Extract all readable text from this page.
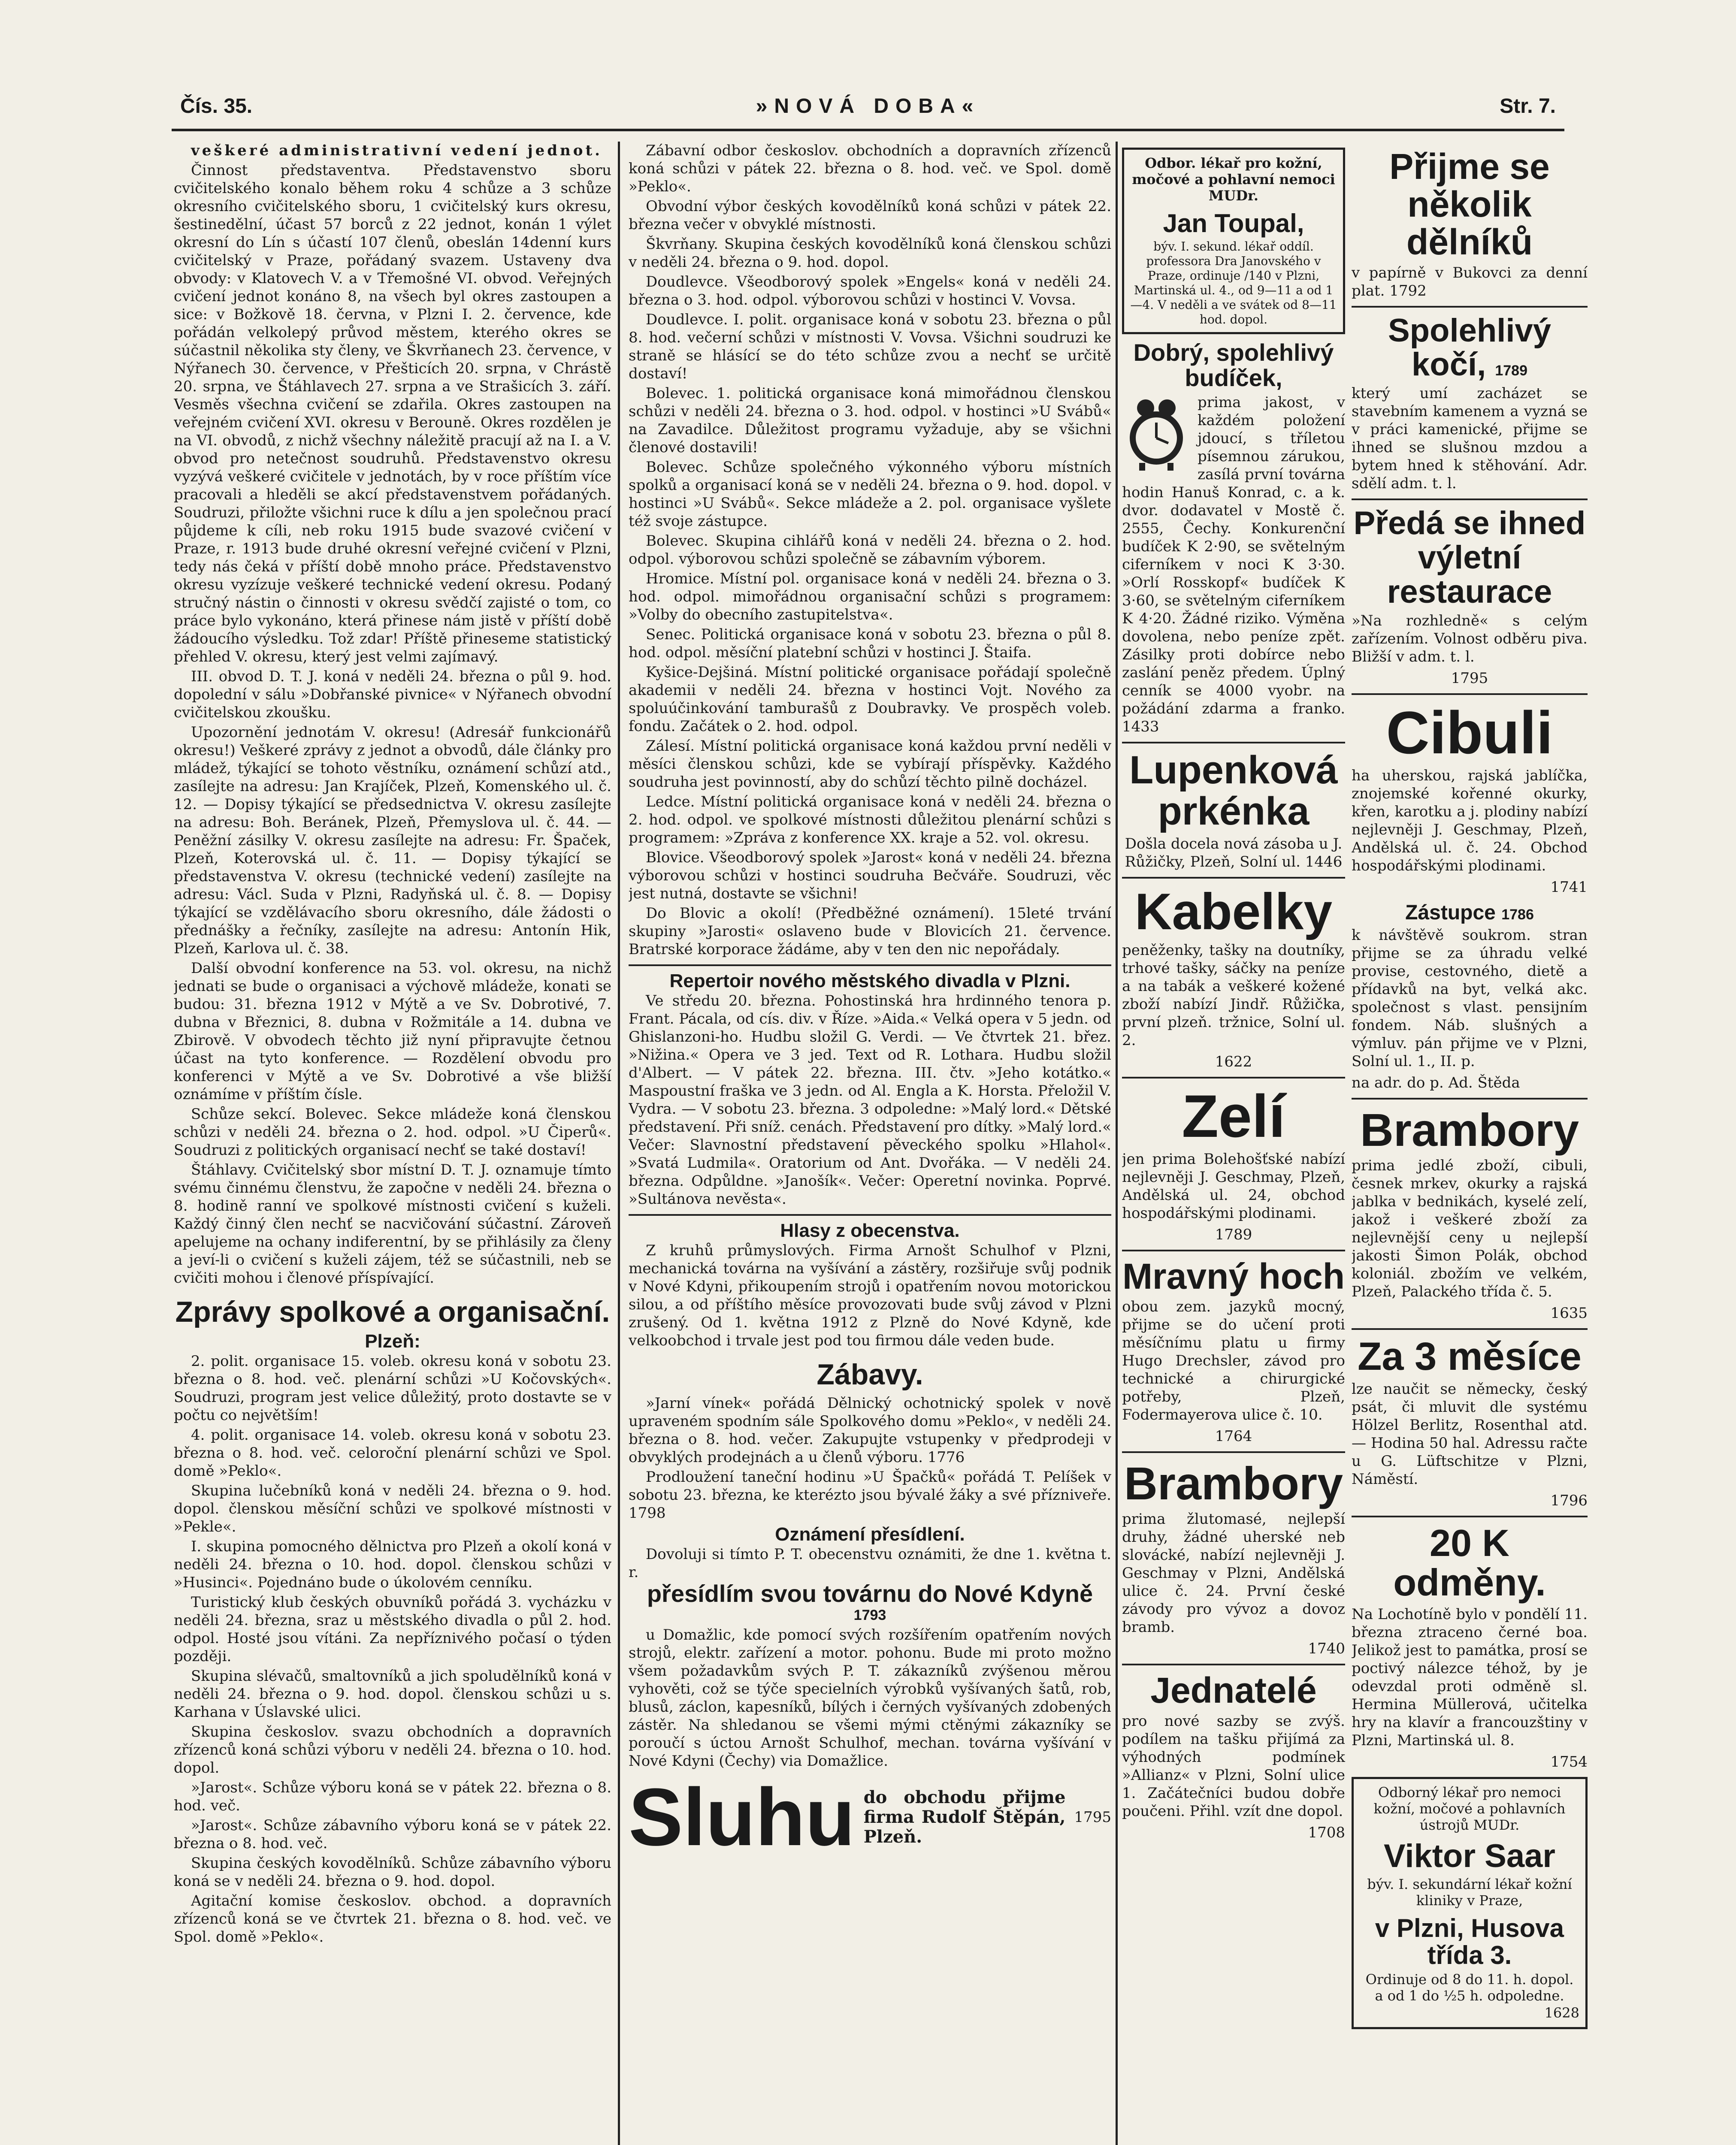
Čís. 35.	»NOVÁ DOBA«	Str. 7.

veškeré administrativní vedení jednot.

Činnost představentva. Představenstvo sboru cvičitelského konalo během roku 4 schůze a 3 schůze okresního cvičitelského sboru, 1 cvičitelský kurs okresu, šestinedělní, účast 57 borců z 22 jednot, konán 1 výlet okresní do Lín s účastí 107 členů, obeslán 14denní kurs cvičitelský v Praze, pořádaný svazem. Ustaveny dva obvody: v Klatovech V. a v Třemošné VI. obvod. Veřejných cvičení jednot konáno 8, na všech byl okres zastoupen a sice: v Božkově 18. června, v Plzni I. 2. července, kde pořádán velkolepý průvod městem, kterého okres se súčastnil několika sty členy, ve Škvrňanech 23. července, v Nýřanech 30. července, v Přešticích 20. srpna, v Chrástě 20. srpna, ve Štáhlavech 27. srpna a ve Strašicích 3. září. Vesměs všechna cvičení se zdařila. Okres zastoupen na veřejném cvičení XVI. okresu v Berouně. Okres rozdělen je na VI. obvodů, z nichž všechny náležitě pracují až na I. a V. obvod pro netečnost soudruhů. Představenstvo okresu vyzývá veškeré cvičitele v jednotách, by v roce příštím více pracovali a hleděli se akcí představenstvem pořádaných. Soudruzi, přiložte všichni ruce k dílu a jen společnou prací půjdeme k cíli, neb roku 1915 bude svazové cvičení v Praze, r. 1913 bude druhé okresní veřejné cvičení v Plzni, tedy nás čeká v příští době mnoho práce. Představenstvo okresu vyzízuje veškeré technické vedení okresu. Podaný stručný nástin o činnosti v okresu svědčí zajisté o tom, co práce bylo vykonáno, která přinese nám jistě v příští době žádoucího výsledku. Tož zdar! Příště přineseme statistický přehled V. okresu, který jest velmi zajímavý.

III. obvod D. T. J. koná v neděli 24. března o půl 9. hod. dopolední v sálu »Dobřanské pivnice« v Nýřanech obvodní cvičitelskou zkoušku.

Upozornění jednotám V. okresu! (Adresář funkcionářů okresu!) Veškeré zprávy z jednot a obvodů, dále články pro mládež, týkající se tohoto věstníku, oznámení schůzí atd., zasílejte na adresu: Jan Krajíček, Plzeň, Komenského ul. č. 12. — Dopisy týkající se předsednictva V. okresu zasílejte na adresu: Boh. Beránek, Plzeň, Přemyslova ul. č. 44. — Peněžní zásilky V. okresu zasílejte na adresu: Fr. Špaček, Plzeň, Koterovská ul. č. 11. — Dopisy týkající se představenstva V. okresu (technické vedení) zasílejte na adresu: Václ. Suda v Plzni, Radyňská ul. č. 8. — Dopisy týkající se vzdělávacího sboru okresního, dále žádosti o přednášky a řečníky, zasílejte na adresu: Antonín Hik, Plzeň, Karlova ul. č. 38.

Další obvodní konference na 53. vol. okresu, na nichž jednati se bude o organisaci a výchově mládeže, konati se budou: 31. března 1912 v Mýtě a ve Sv. Dobrotivé, 7. dubna v Březnici, 8. dubna v Rožmitále a 14. dubna ve Zbirově. V obvodech těchto již nyní připravujte četnou účast na tyto konference. — Rozdělení obvodu pro konferenci v Mýtě a ve Sv. Dobrotivé a vše bližší oznámíme v příštím čísle.

Schůze sekcí. Bolevec. Sekce mládeže koná členskou schůzi v neděli 24. března o 2. hod. odpol. »U Čiperů«. Soudruzi z politických organisací nechť se také dostaví!

Štáhlavy. Cvičitelský sbor místní D. T. J. oznamuje tímto svému činnému členstvu, že započne v neděli 24. března o 8. hodině ranní ve spolkové místnosti cvičení s kuželi. Každý činný člen nechť se nacvičování súčastní. Zároveň apelujeme na ochany indiferentní, by se přihlásily za členy a jeví-li o cvičení s kuželi zájem, též se súčastnili, neb se cvičiti mohou i členové příspívající.

Zprávy spolkové a organisační.
Plzeň:

2. polit. organisace 15. voleb. okresu koná v sobotu 23. března o 8. hod. več. plenární schůzi »U Kočovských«. Soudruzi, program jest velice důležitý, proto dostavte se v počtu co největším!

4. polit. organisace 14. voleb. okresu koná v sobotu 23. března o 8. hod. več. celoroční plenární schůzi ve Spol. domě »Peklo«.

Skupina lučebníků koná v neděli 24. března o 9. hod. dopol. členskou měsíční schůzi ve spolkové místnosti v »Pekle«.

I. skupina pomocného dělnictva pro Plzeň a okolí koná v neděli 24. března o 10. hod. dopol. členskou schůzi v »Husinci«. Pojednáno bude o úkolovém cenníku.

Turistický klub českých obuvníků pořádá 3. vycházku v neděli 24. března, sraz u městského divadla o půl 2. hod. odpol. Hosté jsou vítáni. Za nepříznivého počasí o týden později.

Skupina slévačů, smaltovníků a jich spoludělníků koná v neděli 24. března o 9. hod. dopol. členskou schůzi u s. Karhana v Úslavské ulici.

Skupina českoslov. svazu obchodních a dopravních zřízenců koná schůzi výboru v neděli 24. března o 10. hod. dopol.

»Jarost«. Schůze výboru koná se v pátek 22. března o 8. hod. več.

»Jarost«. Schůze zábavního výboru koná se v pátek 22. března o 8. hod. več.

Skupina českých kovodělníků. Schůze zábavního výboru koná se v neděli 24. března o 9. hod. dopol.

Agitační komise českoslov. obchod. a dopravních zřízenců koná se ve čtvrtek 21. března o 8. hod. več. ve Spol. domě »Peklo«.

Zábavní odbor českoslov. obchodních a dopravních zřízenců koná schůzi v pátek 22. března o 8. hod. več. ve Spol. domě »Peklo«.

Obvodní výbor českých kovodělníků koná schůzi v pátek 22. března večer v obvyklé místnosti.

Škvrňany. Skupina českých kovodělníků koná členskou schůzi v neděli 24. března o 9. hod. dopol.

Doudlevce. Všeodborový spolek »Engels« koná v neděli 24. března o 3. hod. odpol. výborovou schůzi v hostinci V. Vovsa.

Doudlevce. I. polit. organisace koná v sobotu 23. března o půl 8. hod. večerní schůzi v místnosti V. Vovsa. Všichni soudruzi ke straně se hlásící se do této schůze zvou a nechť se určitě dostaví!

Bolevec. 1. politická organisace koná mimořádnou členskou schůzi v neděli 24. března o 3. hod. odpol. v hostinci »U Svábů« na Zavadilce. Důležitost programu vyžaduje, aby se všichni členové dostavili!

Bolevec. Schůze společného výkonného výboru místních spolků a organisací koná se v neděli 24. března o 9. hod. dopol. v hostinci »U Svábů«. Sekce mládeže a 2. pol. organisace vyšlete též svoje zástupce.

Bolevec. Skupina cihlářů koná v neděli 24. března o 2. hod. odpol. výborovou schůzi společně se zábavním výborem.

Hromice. Místní pol. organisace koná v neděli 24. března o 3. hod. odpol. mimořádnou organisační schůzi s programem: »Volby do obecního zastupitelstva«.

Senec. Politická organisace koná v sobotu 23. března o půl 8. hod. odpol. měsíční platební schůzi v hostinci J. Štaifa.

Kyšice-Dejšiná. Místní politické organisace pořádají společně akademii v neděli 24. března v hostinci Vojt. Nového za spoluúčinkování tamburašů z Doubravky. Ve prospěch voleb. fondu. Začátek o 2. hod. odpol.

Zálesí. Místní politická organisace koná každou první neděli v měsíci členskou schůzi, kde se vybírají příspěvky. Každého soudruha jest povinností, aby do schůzí těchto pilně docházel.

Ledce. Místní politická organisace koná v neděli 24. března o 2. hod. odpol. ve spolkové místnosti důležitou plenární schůzi s programem: »Zpráva z konference XX. kraje a 52. vol. okresu.

Blovice. Všeodborový spolek »Jarost« koná v neděli 24. března výborovou schůzi v hostinci soudruha Bečváře. Soudruzi, věc jest nutná, dostavte se všichni!

Do Blovic a okolí! (Předběžné oznámení). 15leté trvání skupiny »Jarosti« oslaveno bude v Blovicích 21. července. Bratrské korporace žádáme, aby v ten den nic nepořádaly.

Repertoir nového městského divadla v Plzni.

Ve středu 20. března. Pohostinská hra hrdinného tenora p. Frant. Pácala, od cís. div. v Říze. »Aida.« Velká opera v 5 jedn. od Ghislanzoni-ho. Hudbu složil G. Verdi. — Ve čtvrtek 21. břez. »Nižina.« Opera ve 3 jed. Text od R. Lothara. Hudbu složil d'Albert. — V pátek 22. března. III. čtv. »Jeho kotátko.« Maspoustní fraška ve 3 jedn. od Al. Engla a K. Horsta. Přeložil V. Vydra. — V sobotu 23. března. 3 odpoledne: »Malý lord.« Dětské představení. Při sníž. cenách. Představení pro dítky. »Malý lord.« Večer: Slavnostní představení pěveckého spolku »Hlahol«. »Svatá Ludmila«. Oratorium od Ant. Dvořáka. — V neděli 24. března. Odpůldne. »Janošík«. Večer: Operetní novinka. Poprvé. »Sultánova nevěsta«.

Hlasy z obecenstva.

Z kruhů průmyslových. Firma Arnošt Schulhof v Plzni, mechanická továrna na vyšívání a zástěry, rozšiřuje svůj podnik v Nové Kdyni, přikoupením strojů i opatřením novou motorickou silou, a od příštího měsíce provozovati bude svůj závod v Plzni zrušený. Od 1. května 1912 z Plzně do Nové Kdyně, kde velkoobchod i trvale jest pod tou firmou dále veden bude.

Zábavy.

»Jarní vínek« pořádá Dělnický ochotnický spolek v nově upraveném spodním sále Spolkového domu »Peklo«, v neděli 24. března o 8. hod. večer. Zakupujte vstupenky v předprodeji v obvyklých prodejnách a u členů výboru. 1776

Prodloužení taneční hodinu »U Špačků« pořádá T. Pelíšek v sobotu 23. března, ke kterézto jsou bývalé žáky a své přízniveře. 1798

Oznámení přesídlení.

Dovoluji si tímto P. T. obecenstvu oznámiti, že dne 1. května t. r.

přesídlím svou továrnu do Nové Kdyně 1793

u Domažlic, kde pomocí svých rozšířením opatřením nových strojů, elektr. zařízení a motor. pohonu. Bude mi proto možno všem požadavkům svých P. T. zákazníků zvýšenou měrou vyhověti, což se týče specielních výrobků vyšívaných šatů, rob, blusů, záclon, kapesníků, bílých i černých vyšívaných zdobených zástěr. Na shledanou se všemi mými ctěnými zákazníky se poroučí s úctou Arnošt Schulhof, mechan. továrna vyšívání v Nové Kdyni (Čechy) via Domažlice.

Sluhu do obchodu přijme firma Rudolf Štěpán, Plzeň.
1795
Odbor. lékař pro kožní, močové a pohlavní nemoci MUDr.
Jan Toupal,
býv. I. sekund. lékař oddíl. professora Dra Janovského v Praze, ordinuje /140 v Plzni, Martinská ul. 4., od 9—11 a od 1—4. V neděli a ve svátek od 8—11 hod. dopol.
Dobrý, spolehlivý budíček,
prima jakost, v každém položení jdoucí, s tříletou písemnou zárukou, zasílá první továrna hodin Hanuš Konrad, c. a k. dvor. dodavatel v Mostě č. 2555, Čechy. Konkurenční budíček K 2·90, se světelným ciferníkem v noci K 3·30. »Orlí Rosskopf« budíček K 3·60, se světelným ciferníkem K 4·20. Žádné riziko. Výměna dovolena, nebo peníze zpět. Zásilky proti dobírce nebo zaslání peněz předem. Úplný cenník se 4000 vyobr. na požádání zdarma a franko. 1433
Lupenková prkénka
Došla docela nová zásoba u J. Růžičky, Plzeň, Solní ul. 1446
Kabelky
peněženky, tašky na doutníky, trhové tašky, sáčky na peníze a na tabák a veškeré kožené zboží nabízí Jindř. Růžička, první plzeň. tržnice, Solní ul. 2.
1622
Zelí
jen prima Bolehošťské nabízí nejlevněji J. Geschmay, Plzeň, Andělská ul. 24, obchod hospodářskými plodinami.
1789
Mravný hoch
obou zem. jazyků mocný, přijme se do učení proti měsíčnímu platu u firmy Hugo Drechsler, závod pro technické a chirurgické potřeby, Plzeň, Fodermayerova ulice č. 10.
1764
Brambory
prima žlutomasé, nejlepší druhy, žádné uherské neb slovácké, nabízí nejlevněji J. Geschmay v Plzni, Andělská ulice č. 24. První české závody pro vývoz a dovoz bramb.
1740
Jednatelé
pro nové sazby se zvýš. podílem na tašku přijímá za výhodných podmínek »Allianz« v Plzni, Solní ulice 1. Začátečníci budou dobře poučeni. Přihl. vzít dne dopol.
1708
Přijme se několik dělníků
v papírně v Bukovci za denní plat. 1792
Spolehlivý kočí, 1789
který umí zacházet se stavebním kamenem a vyzná se v práci kamenické, přijme se ihned se slušnou mzdou a bytem hned k stěhování. Adr. sdělí adm. t. l.
Předá se ihned výletní restaurace
»Na rozhledně« s celým zařízením. Volnost odběru piva. Bližší v adm. t. l.
1795
Cibuli
ha uherskou, rajská jablíčka, znojemské kořenné okurky, křen, karotku a j. plodiny nabízí nejlevněji J. Geschmay, Plzeň, Andělská ul. č. 24. Obchod hospodářskými plodinami.
1741
Zástupce 1786
k návštěvě soukrom. stran přijme se za úhradu velké provise, cestovného, dietě a přídavků na byt, velká akc. společnost s vlast. pensijním fondem. Náb. slušných a výmluv. pán přijme ve v Plzni, Solní ul. 1., II. p.
na adr. do p. Ad. Štěda
Brambory
prima jedlé zboží, cibuli, česnek mrkev, okurky a rajská jablka v bednikách, kyselé zelí, jakož i veškeré zboží za nejlevnější ceny u nejlepší jakosti Šimon Polák, obchod koloniál. zbožím ve velkém, Plzeň, Palackého třída č. 5.
1635
Za 3 měsíce
lze naučit se německy, český psát, či mluvit dle systému Hölzel Berlitz, Rosenthal atd. — Hodina 50 hal. Adressu račte u G. Lüftschitze v Plzni, Náměstí.
1796
20 K odměny.
Na Lochotíně bylo v pondělí 11. března ztraceno černé boa. Jelikož jest to památka, prosí se poctivý nálezce téhož, by je odevzdal proti odměně sl. Hermina Müllerová, učitelka hry na klavír a francouzštiny v Plzni, Martinská ul. 8.
1754
Odborný lékař pro nemoci kožní, močové a pohlavních ústrojů MUDr.
Viktor Saar
býv. I. sekundární lékař kožní kliniky v Praze,
v Plzni, Husova třída 3.
Ordinuje od 8 do 11. h. dopol. a od 1 do ½5 h. odpoledne.
1628
